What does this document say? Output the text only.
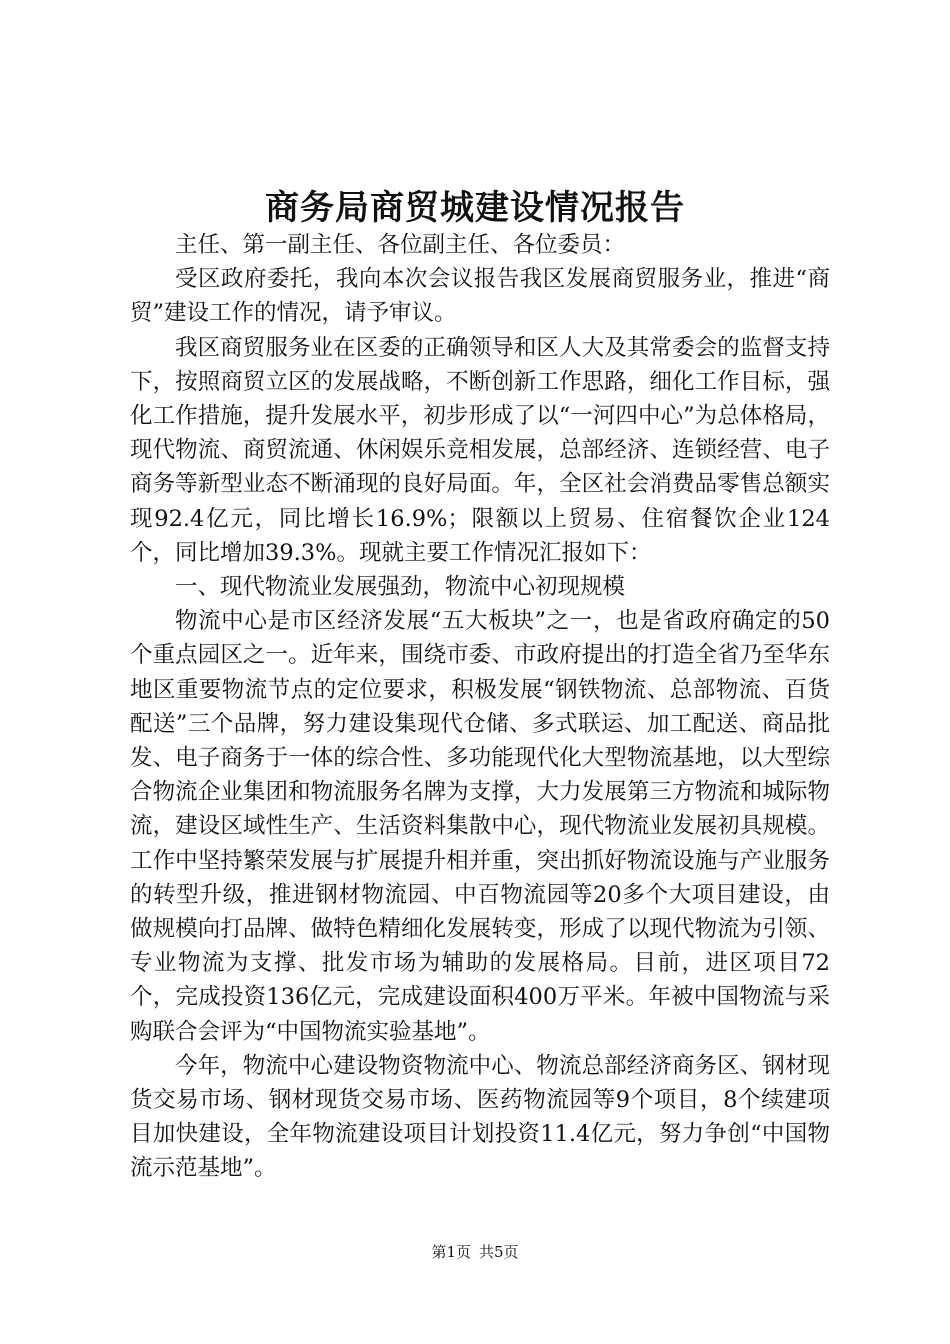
商务局商贸城建设情况报告

主任、第一副主任、各位副主任、各位委员：

受区政府委托，我向本次会议报告我区发展商贸服务业，推进“商贸”建设工作的情况，请予审议。

我区商贸服务业在区委的正确领导和区人大及其常委会的监督支持下，按照商贸立区的发展战略，不断创新工作思路，细化工作目标，强化工作措施，提升发展水平，初步形成了以“一河四中心”为总体格局，现代物流、商贸流通、休闲娱乐竞相发展，总部经济、连锁经营、电子商务等新型业态不断涌现的良好局面。年，全区社会消费品零售总额实现92.4亿元，同比增长16.9%；限额以上贸易、住宿餐饮企业124个，同比增加39.3%。现就主要工作情况汇报如下：

一、现代物流业发展强劲，物流中心初现规模

物流中心是市区经济发展“五大板块”之一，也是省政府确定的50个重点园区之一。近年来，围绕市委、市政府提出的打造全省乃至华东地区重要物流节点的定位要求，积极发展“钢铁物流、总部物流、百货配送”三个品牌，努力建设集现代仓储、多式联运、加工配送、商品批发、电子商务于一体的综合性、多功能现代化大型物流基地，以大型综合物流企业集团和物流服务名牌为支撑，大力发展第三方物流和城际物流，建设区域性生产、生活资料集散中心，现代物流业发展初具规模。工作中坚持繁荣发展与扩展提升相并重，突出抓好物流设施与产业服务的转型升级，推进钢材物流园、中百物流园等20多个大项目建设，由做规模向打品牌、做特色精细化发展转变，形成了以现代物流为引领、专业物流为支撑、批发市场为辅助的发展格局。目前，进区项目72个，完成投资136亿元，完成建设面积400万平米。年被中国物流与采购联合会评为“中国物流实验基地”。

今年，物流中心建设物资物流中心、物流总部经济商务区、钢材现货交易市场、钢材现货交易市场、医药物流园等9个项目，8个续建项目加快建设，全年物流建设项目计划投资11.4亿元，努力争创“中国物流示范基地”。

第1页 共5页
